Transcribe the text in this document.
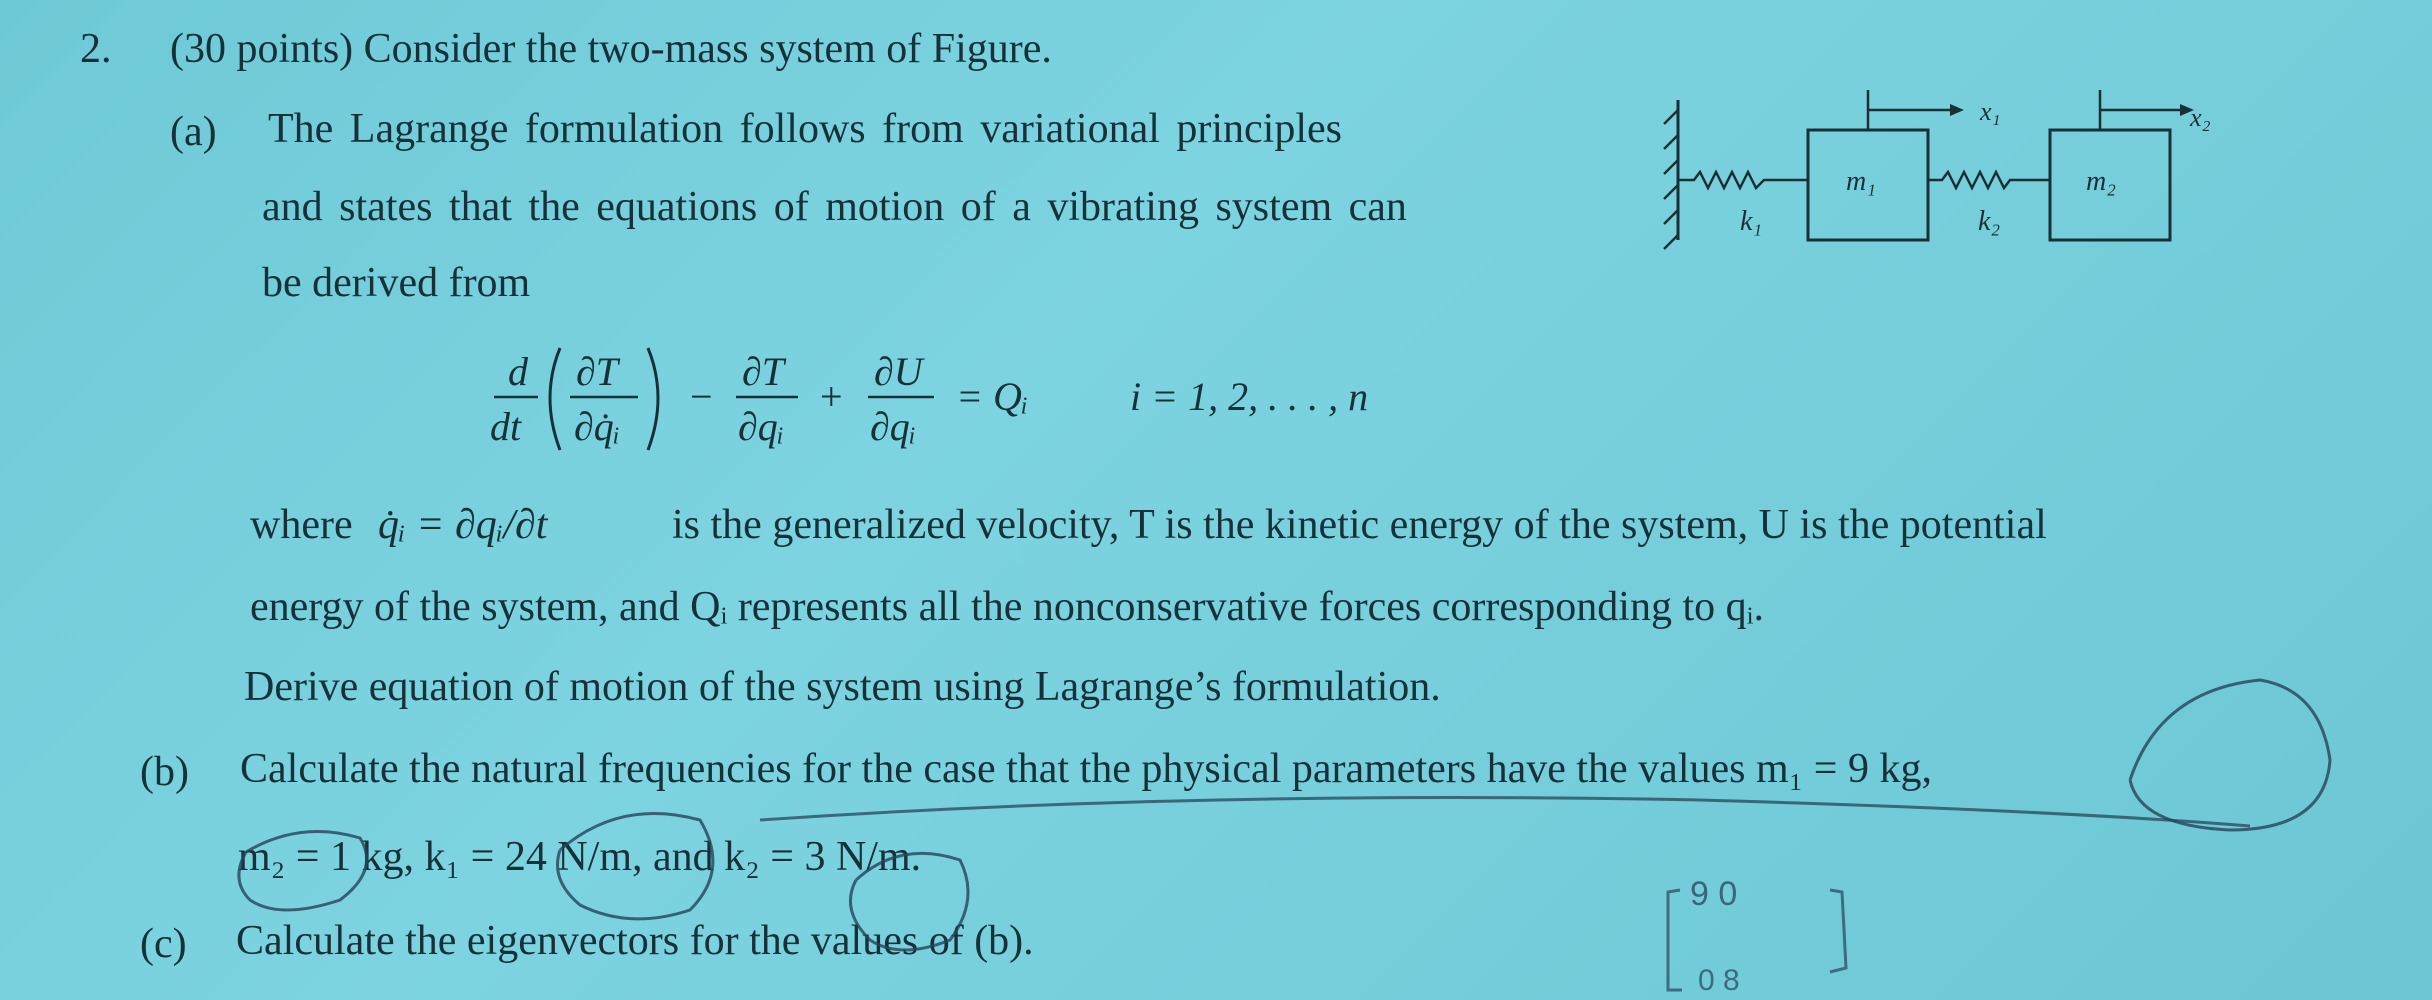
2. (30 points) Consider the two-mass system of Figure.
(a) The Lagrange formulation follows from variational principles
and states that the equations of motion of a vibrating system can
be derived from
d
dt
∂T
∂q̇ᵢ
−
∂T
∂qᵢ
+
∂U
∂qᵢ
= Qᵢ	i = 1, 2, . . . , n
where q̇ᵢ = ∂qᵢ/∂t	is the generalized velocity, T is the kinetic energy of the system, U is the potential
energy of the system, and Qᵢ represents all the nonconservative forces corresponding to qᵢ.
Derive equation of motion of the system using Lagrange’s formulation.
(b) Calculate the natural frequencies for the case that the physical parameters have the values m₁ = 9 kg,
m₂ = 1 kg, k₁ = 24 N/m, and k₂ = 3 N/m.
(c) Calculate the eigenvectors for the values of (b).
k₁
m₁
x₁
k₂
m₂
x₂
9 0
0 8
